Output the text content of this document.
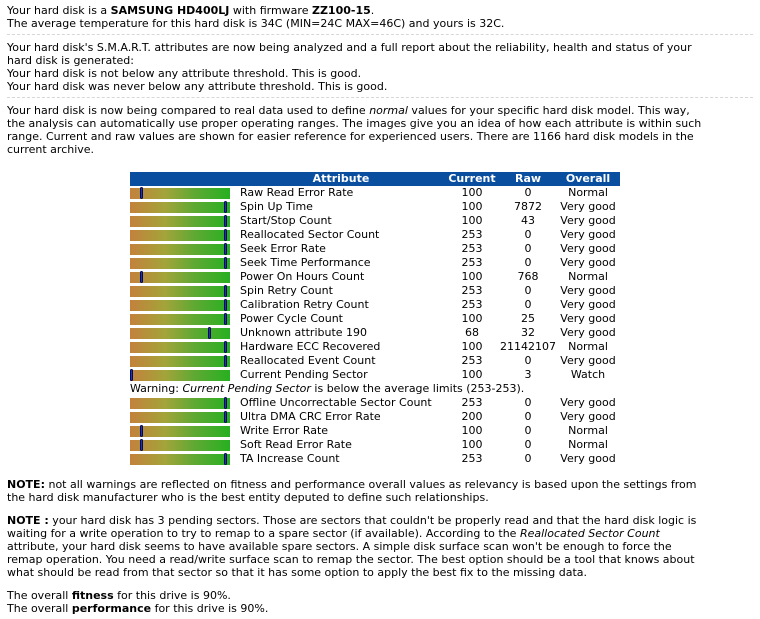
Your hard disk is a SAMSUNG HD400LJ with firmware ZZ100-15.
The average temperature for this hard disk is 34C (MIN=24C MAX=46C) and yours is 32C.
Your hard disk's S.M.A.R.T. attributes are now being analyzed and a full report about the reliability, health and status of your
hard disk is generated:
Your hard disk is not below any attribute threshold. This is good.
Your hard disk was never below any attribute threshold. This is good.
Your hard disk is now being compared to real data used to define normal values for your specific hard disk model. This way,
the analysis can automatically use proper operating ranges. The images give you an idea of how each attribute is within such
range. Current and raw values are shown for easier reference for experienced users. There are 1166 hard disk models in the
current archive.
	Attribute	Current	Raw	Overall

	Raw Read Error Rate	100	0	Normal

	Spin Up Time	100	7872	Very good

	Start/Stop Count	100	43	Very good

	Reallocated Sector Count	253	0	Very good

	Seek Error Rate	253	0	Very good

	Seek Time Performance	253	0	Very good

	Power On Hours Count	100	768	Normal

	Spin Retry Count	253	0	Very good

	Calibration Retry Count	253	0	Very good

	Power Cycle Count	100	25	Very good

	Unknown attribute 190	68	32	Very good

	Hardware ECC Recovered	100	21142107	Normal

	Reallocated Event Count	253	0	Very good

	Current Pending Sector	100	3	Watch
Warning: Current Pending Sector is below the average limits (253-253).				

	Offline Uncorrectable Sector Count	253	0	Very good

	Ultra DMA CRC Error Rate	200	0	Very good

	Write Error Rate	100	0	Normal

	Soft Read Error Rate	100	0	Normal

	TA Increase Count	253	0	Very good
NOTE: not all warnings are reflected on fitness and performance overall values as relevancy is based upon the settings from
the hard disk manufacturer who is the best entity deputed to define such relationships.
NOTE : your hard disk has 3 pending sectors. Those are sectors that couldn't be properly read and that the hard disk logic is
waiting for a write operation to try to remap to a spare sector (if available). According to the Reallocated Sector Count
attribute, your hard disk seems to have available spare sectors. A simple disk surface scan won't be enough to force the
remap operation. You need a read/write surface scan to remap the sector. The best option should be a tool that knows about
what should be read from that sector so that it has some option to apply the best fix to the missing data.
The overall fitness for this drive is 90%.
The overall performance for this drive is 90%.
